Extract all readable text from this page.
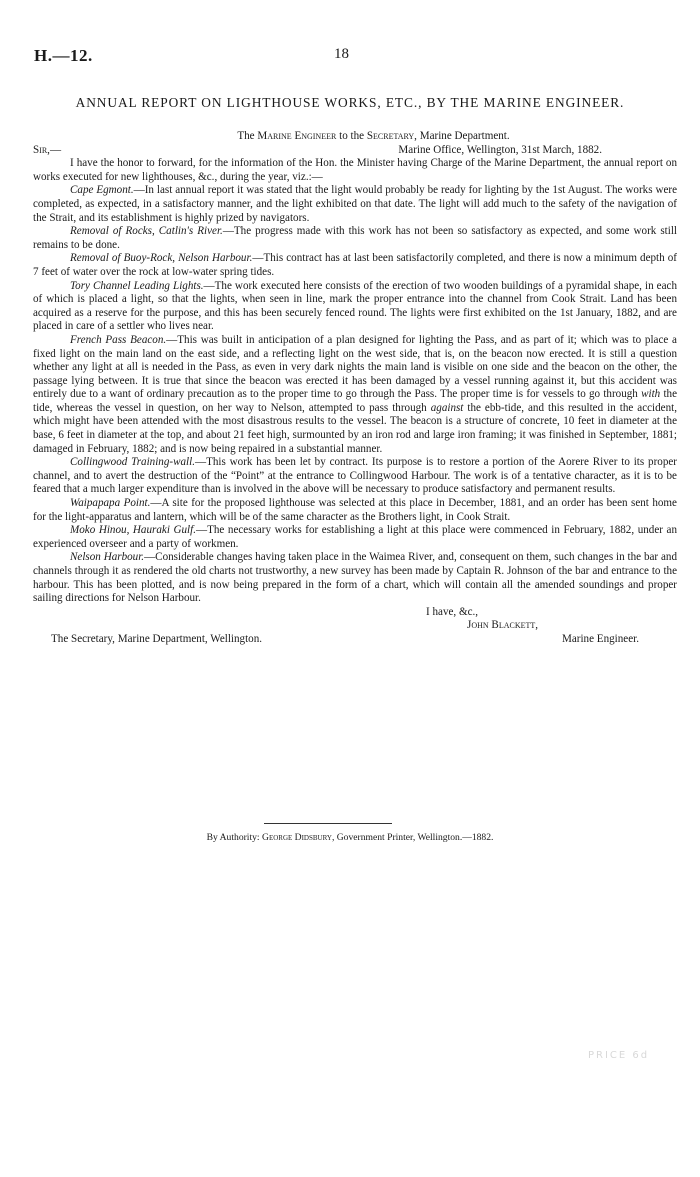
H.—12.	18
ANNUAL REPORT ON LIGHTHOUSE WORKS, ETC., BY THE MARINE ENGINEER.

The Marine Engineer to the Secretary, Marine Department.

Sir,—	Marine Office, Wellington, 31st March, 1882.

I have the honor to forward, for the information of the Hon. the Minister having Charge of the Marine Department, the annual report on works executed for new lighthouses, &c., during the year, viz.:—

Cape Egmont.—In last annual report it was stated that the light would probably be ready for lighting by the 1st August. The works were completed, as expected, in a satisfactory manner, and the light exhibited on that date. The light will add much to the safety of the navigation of the Strait, and its establishment is highly prized by navigators.

Removal of Rocks, Catlin's River.—The progress made with this work has not been so satisfactory as expected, and some work still remains to be done.

Removal of Buoy-Rock, Nelson Harbour.—This contract has at last been satisfactorily completed, and there is now a minimum depth of 7 feet of water over the rock at low-water spring tides.

Tory Channel Leading Lights.—The work executed here consists of the erection of two wooden buildings of a pyramidal shape, in each of which is placed a light, so that the lights, when seen in line, mark the proper entrance into the channel from Cook Strait. Land has been acquired as a reserve for the purpose, and this has been securely fenced round. The lights were first exhibited on the 1st January, 1882, and are placed in care of a settler who lives near.

French Pass Beacon.—This was built in anticipation of a plan designed for lighting the Pass, and as part of it; which was to place a fixed light on the main land on the east side, and a reflecting light on the west side, that is, on the beacon now erected. It is still a question whether any light at all is needed in the Pass, as even in very dark nights the main land is visible on one side and the beacon on the other, the passage lying between. It is true that since the beacon was erected it has been damaged by a vessel running against it, but this accident was entirely due to a want of ordinary precaution as to the proper time to go through the Pass. The proper time is for vessels to go through with the tide, whereas the vessel in question, on her way to Nelson, attempted to pass through against the ebb-tide, and this resulted in the accident, which might have been attended with the most disastrous results to the vessel. The beacon is a structure of concrete, 10 feet in diameter at the base, 6 feet in diameter at the top, and about 21 feet high, surmounted by an iron rod and large iron framing; it was finished in September, 1881; damaged in February, 1882; and is now being repaired in a substantial manner.

Collingwood Training-wall.—This work has been let by contract. Its purpose is to restore a portion of the Aorere River to its proper channel, and to avert the destruction of the “Point” at the entrance to Collingwood Harbour. The work is of a tentative character, as it is to be feared that a much larger expenditure than is involved in the above will be necessary to produce satisfactory and permanent results.

Waipapapa Point.—A site for the proposed lighthouse was selected at this place in December, 1881, and an order has been sent home for the light-apparatus and lantern, which will be of the same character as the Brothers light, in Cook Strait.

Moko Hinou, Hauraki Gulf.—The necessary works for establishing a light at this place were commenced in February, 1882, under an experienced overseer and a party of workmen.

Nelson Harbour.—Considerable changes having taken place in the Waimea River, and, consequent on them, such changes in the bar and channels through it as rendered the old charts not trustworthy, a new survey has been made by Captain R. Johnson of the bar and entrance to the harbour. This has been plotted, and is now being prepared in the form of a chart, which will contain all the amended soundings and proper sailing directions for Nelson Harbour.

I have, &c.,
John Blackett,
The Secretary, Marine Department, Wellington.	Marine Engineer.
By Authority: George Didsbury, Government Printer, Wellington.—1882.
PRICE 6d
